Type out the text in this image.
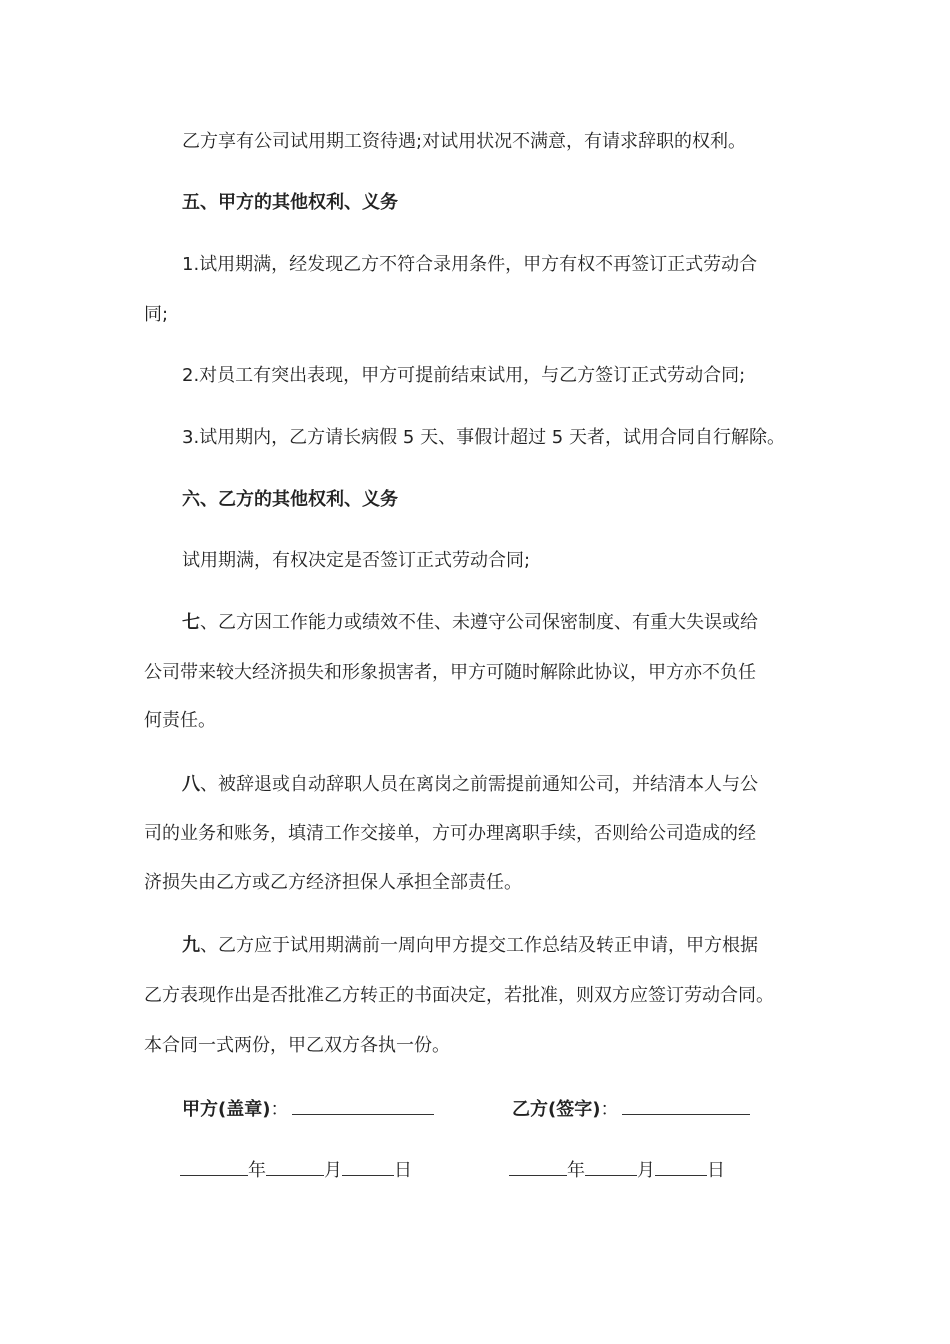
乙方享有公司试用期工资待遇;对试用状况不满意，有请求辞职的权利。
五、甲方的其他权利、义务
1.试用期满，经发现乙方不符合录用条件，甲方有权不再签订正式劳动合
同;
2.对员工有突出表现，甲方可提前结束试用，与乙方签订正式劳动合同;
3.试用期内，乙方请长病假 5 天、事假计超过 5 天者，试用合同自行解除。
六、乙方的其他权利、义务
试用期满，有权决定是否签订正式劳动合同;
七、乙方因工作能力或绩效不佳、未遵守公司保密制度、有重大失误或给
公司带来较大经济损失和形象损害者，甲方可随时解除此协议，甲方亦不负任
何责任。
八、被辞退或自动辞职人员在离岗之前需提前通知公司，并结清本人与公
司的业务和账务，填清工作交接单，方可办理离职手续，否则给公司造成的经
济损失由乙方或乙方经济担保人承担全部责任。
九、乙方应于试用期满前一周向甲方提交工作总结及转正申请，甲方根据
乙方表现作出是否批准乙方转正的书面决定，若批准，则双方应签订劳动合同。
本合同一式两份，甲乙双方各执一份。
甲方(盖章)：	乙方(签字)：
年	月	日	年	月	日
